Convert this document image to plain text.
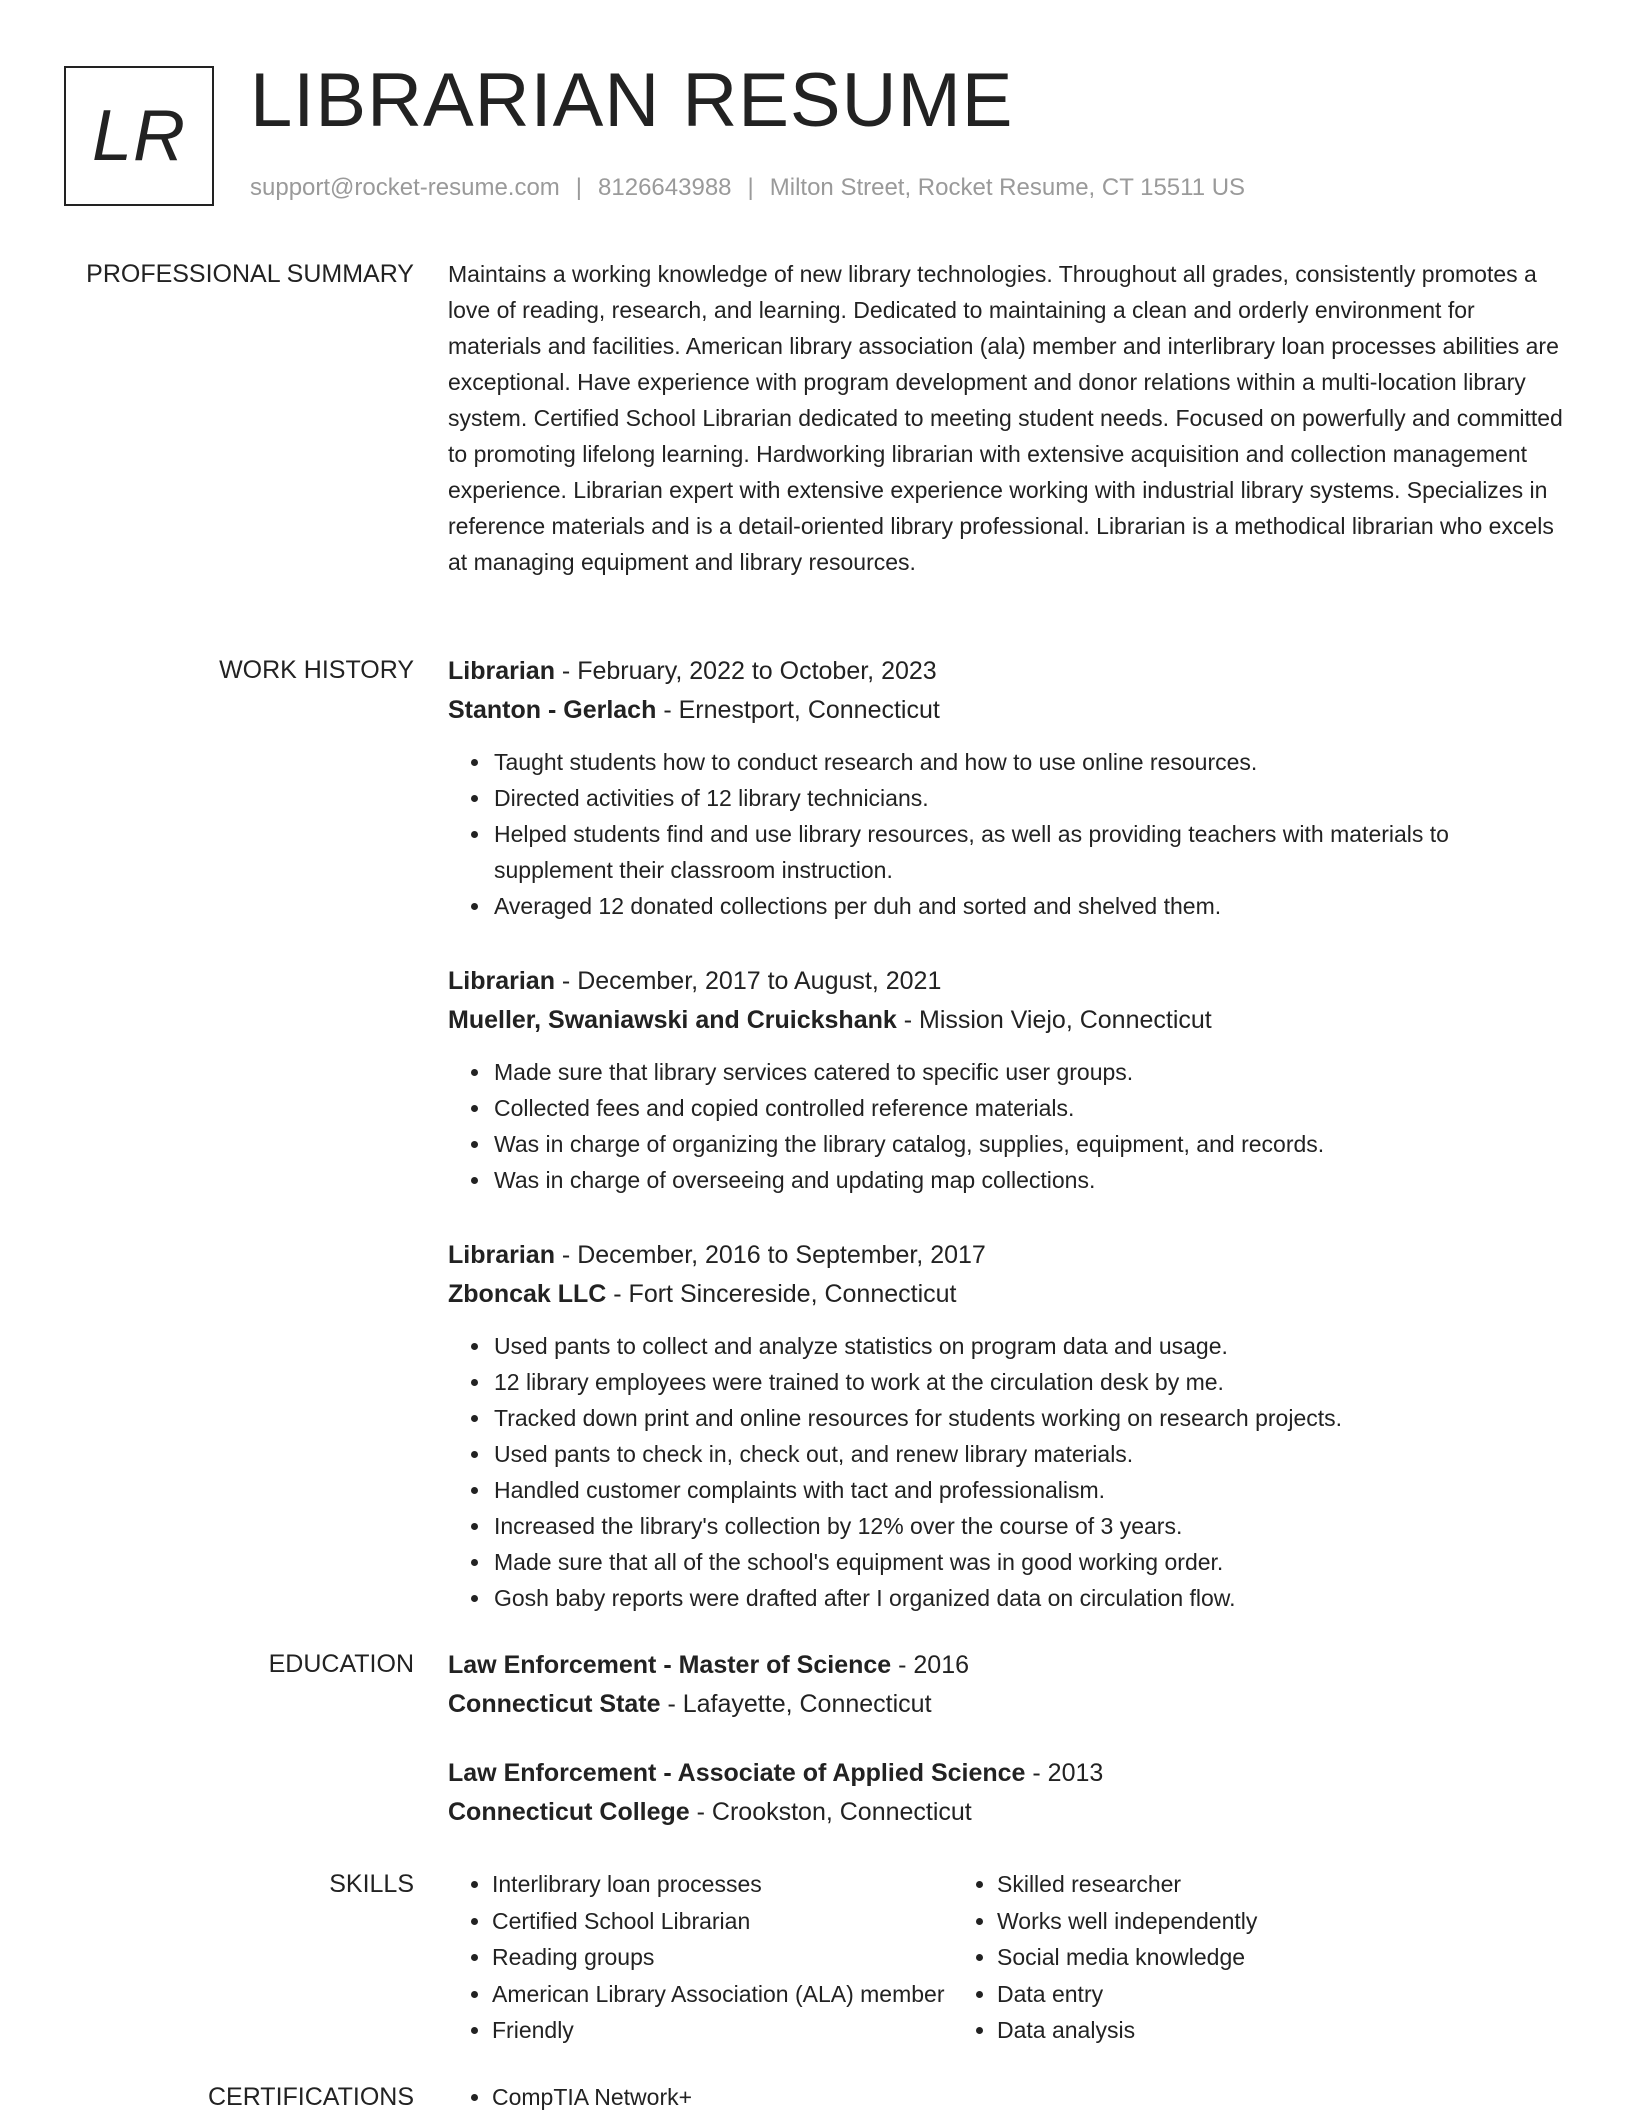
LR LIBRARIAN RESUME
support@rocket-resume.com | 8126643988 | Milton Street, Rocket Resume, CT 15511 US
PROFESSIONAL SUMMARY Maintains a working knowledge of new library technologies. Throughout all grades, consistently promotes a love of reading, research, and learning. Dedicated to maintaining a clean and orderly environment for materials and facilities. American library association (ala) member and interlibrary loan processes abilities are exceptional. Have experience with program development and donor relations within a multi-location library system. Certified School Librarian dedicated to meeting student needs. Focused on powerfully and committed to promoting lifelong learning. Hardworking librarian with extensive acquisition and collection management experience. Librarian expert with extensive experience working with industrial library systems. Specializes in reference materials and is a detail-oriented library professional. Librarian is a methodical librarian who excels at managing equipment and library resources.

WORK HISTORY Librarian - February, 2022 to October, 2023
Stanton - Gerlach - Ernestport, Connecticut
• Taught students how to conduct research and how to use online resources.
• Directed activities of 12 library technicians.
• Helped students find and use library resources, as well as providing teachers with materials to supplement their classroom instruction.
• Averaged 12 donated collections per duh and sorted and shelved them.
Librarian - December, 2017 to August, 2021
Mueller, Swaniawski and Cruickshank - Mission Viejo, Connecticut
• Made sure that library services catered to specific user groups.
• Collected fees and copied controlled reference materials.
• Was in charge of organizing the library catalog, supplies, equipment, and records.
• Was in charge of overseeing and updating map collections.
Librarian - December, 2016 to September, 2017
Zboncak LLC - Fort Sincereside, Connecticut
• Used pants to collect and analyze statistics on program data and usage.
• 12 library employees were trained to work at the circulation desk by me.
• Tracked down print and online resources for students working on research projects.
• Used pants to check in, check out, and renew library materials.
• Handled customer complaints with tact and professionalism.
• Increased the library's collection by 12% over the course of 3 years.
• Made sure that all of the school's equipment was in good working order.
• Gosh baby reports were drafted after I organized data on circulation flow.
EDUCATION Law Enforcement - Master of Science - 2016
Connecticut State - Lafayette, Connecticut
Law Enforcement - Associate of Applied Science - 2013
Connecticut College - Crookston, Connecticut
SKILLS	• Interlibrary loan processes
• Certified School Librarian
• Reading groups
• American Library Association (ALA) member
• Friendly
• Skilled researcher
• Works well independently
• Social media knowledge
• Data entry
• Data analysis
CERTIFICATIONS	• CompTIA Network+
